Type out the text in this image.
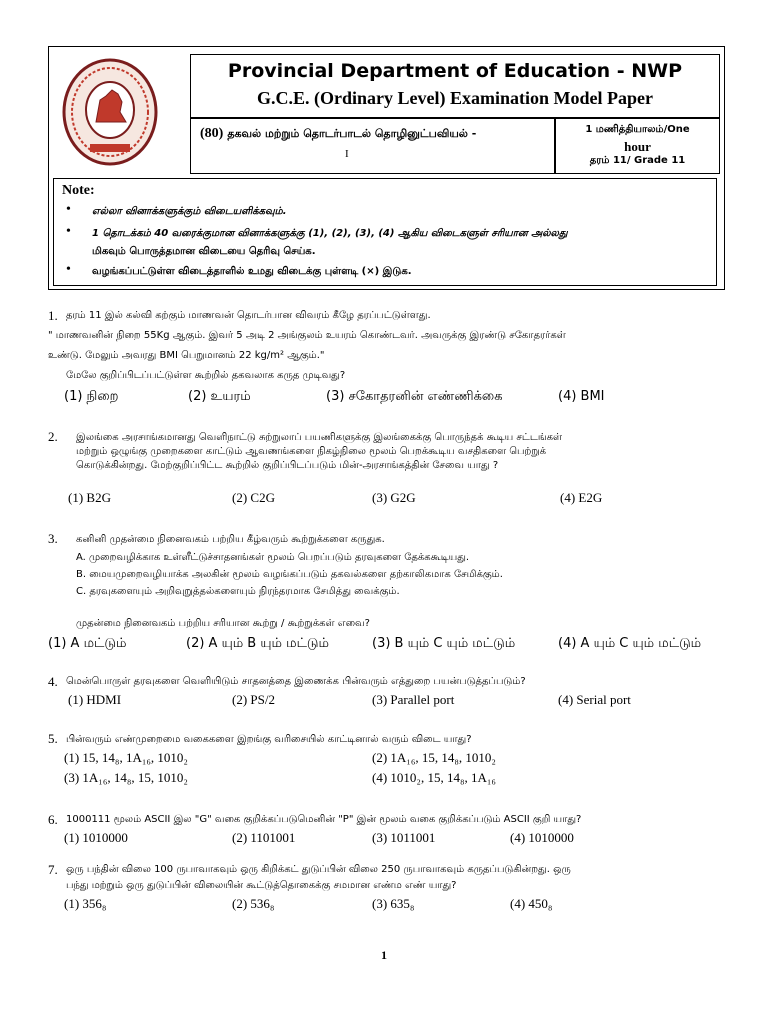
Provincial Department of Education - NWP
G.C.E. (Ordinary Level) Examination Model Paper
(80) தகவல் மற்றும் தொடர்பாடல் தொழினுட்பவியல் -
I
1 மணித்தியாலம்/One
hour
தரம் 11/ Grade 11
Note:
• எல்லா வினாக்களுக்கும் விடையளிக்கவும்.
• 1 தொடக்கம் 40 வரைக்குமான வினாக்களுக்கு (1), (2), (3), (4) ஆகிய விடைகளுள் சரியான அல்லது
மிகவும் பொருத்தமான விடையை தெரிவு செய்க.
• வழங்கப்பட்டுள்ள விடைத்தாளில் உமது விடைக்கு புள்ளடி (×) இடுக.
1. தரம் 11 இல் கல்வி கற்கும் மாணவன் தொடர்பான விவரம் கீழே தரப்பட்டுள்ளது.
" மாணவனின் நிறை 55Kg ஆகும். இவர் 5 அடி 2 அங்குலம் உயரம் கொண்டவர். அவருக்கு இரண்டு சகோதரர்கள்
உண்டு. மேலும் அவரது BMI பெறுமானம் 22 kg/m² ஆகும்."
மேலே குறிப்பிடப்பட்டுள்ள கூற்றில் தகவலாக கருத முடிவது?
(1) நிறை	(2) உயரம்	(3) சகோதரனின் எண்ணிக்கை	(4) BMI
2. இலங்கை அரசாங்கமானது வெளிநாட்டு சுற்றுலாப் பயணிகளுக்கு இலங்கைக்கு பொருந்தக் கூடிய சட்டங்கள்
மற்றும் ஒழுங்கு முறைகளை காட்டும் ஆவணங்களை நிகழ்நிலை மூலம் பெறக்கூடிய வசதிகளை பெற்றுக்
கொடுக்கின்றது. மேற்குறிப்பிட்ட கூற்றில் குறிப்பிடப்படும் மின்-அரசாங்கத்தின் சேவை யாது ?
(1) B2G	(2) C2G	(3) G2G	(4) E2G
3. கனினி முதன்மை நினைவகம் பற்றிய கீழ்வரும் கூற்றுக்களை கருதுக.
A. முறைவழிக்காக உள்ளீட்டுச்சாதனங்கள் மூலம் பெறப்படும் தரவுகளை தேக்ககூடியது.
B. மையமுறைவழியாக்க அலகின் மூலம் வழங்கப்படும் தகவல்களை தற்காலிகமாக சேமிக்கும்.
C. தரவுகளையும் அறிவுறுத்தல்களையும் நிரந்தரமாக சேமித்து வைக்கும்.
முதன்மை நினைவகம் பற்றிய சரியான கூற்று / கூற்றுக்கள் எவை?
(1) A மட்டும்	(2) A யும் B யும் மட்டும்	(3) B யும் C யும் மட்டும்	(4) A யும் C யும் மட்டும்
4. மென்பொருள் தரவுகளை வெளியிடும் சாதனத்தை இணைக்க பின்வரும் எத்துறை பயன்படுத்தப்படும்?
(1) HDMI	(2) PS/2	(3) Parallel port	(4) Serial port
5. பின்வரும் எண்முறைமை வகைகளை இறங்கு வரிசையில் காட்டினால் வரும் விடை யாது?
(1) 15, 14₈, 1A₁₆, 1010₂	(2) 1A₁₆, 15, 14₈, 1010₂
(3) 1A₁₆, 14₈, 15, 1010₂	(4) 1010₂, 15, 14₈, 1A₁₆
6. 1000111 மூலம் ASCII இல "G" வகை குறிக்கப்படுமெனின் "P" இன் மூலம் வகை குறிக்கப்படும் ASCII குறி யாது?
(1) 1010000	(2) 1101001	(3) 1011001	(4) 1010000
7. ஒரு பந்தின் விலை 100 ருபாவாகவும் ஒரு கிறிக்கட் துடுப்பின் விலை 250 ருபாவாகவும் கருதப்படுகின்றது. ஒரு
பந்து மற்றும் ஒரு துடுப்பின் விலையின் கூட்டுத்தொகைக்கு சமமான எண்ம எண் யாது?
(1) 356₈	(2) 536₈	(3) 635₈	(4) 450₈
1
